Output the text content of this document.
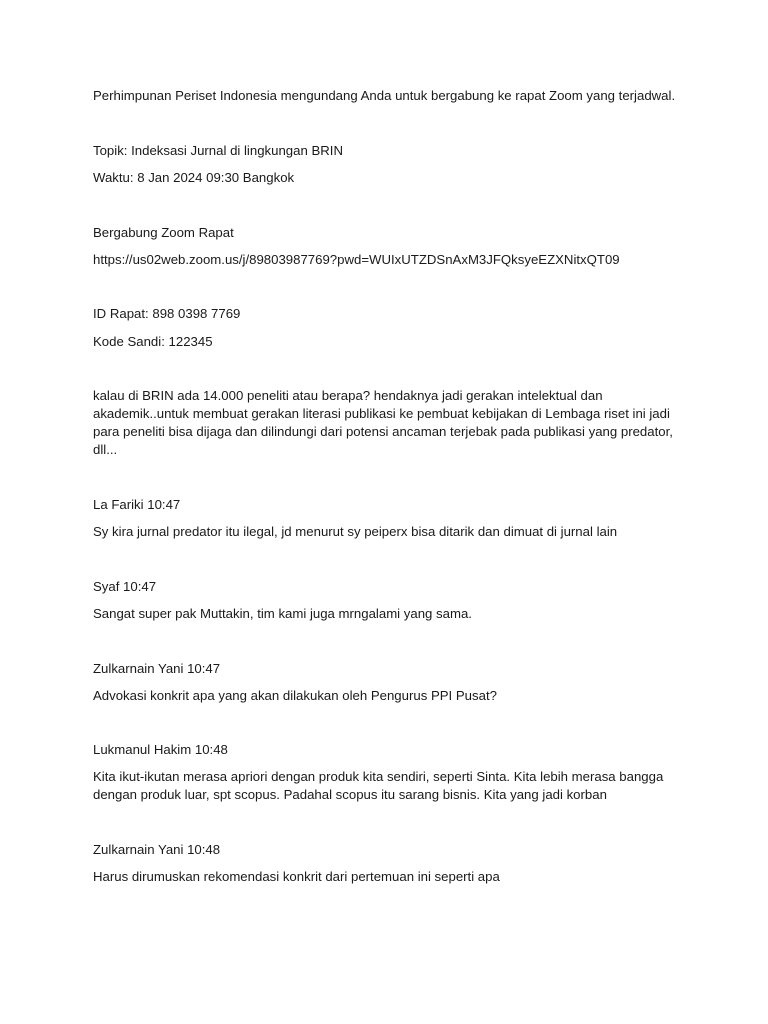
Perhimpunan Periset Indonesia mengundang Anda untuk bergabung ke rapat Zoom yang terjadwal.

Topik: Indeksasi Jurnal di lingkungan BRIN

Waktu: 8 Jan 2024 09:30 Bangkok

Bergabung Zoom Rapat

https://us02web.zoom.us/j/89803987769?pwd=WUIxUTZDSnAxM3JFQksyeEZXNitxQT09

ID Rapat: 898 0398 7769

Kode Sandi: 122345

kalau di BRIN ada 14.000 peneliti atau berapa? hendaknya jadi gerakan intelektual dan

akademik..untuk membuat gerakan literasi publikasi ke pembuat kebijakan di Lembaga riset ini jadi

para peneliti bisa dijaga dan dilindungi dari potensi ancaman terjebak pada publikasi yang predator,

dll...

La Fariki 10:47

Sy kira jurnal predator itu ilegal, jd menurut sy peiperx bisa ditarik dan dimuat di jurnal lain

Syaf 10:47

Sangat super pak Muttakin, tim kami juga mrngalami yang sama.

Zulkarnain Yani 10:47

Advokasi konkrit apa yang akan dilakukan oleh Pengurus PPI Pusat?

Lukmanul Hakim 10:48

Kita ikut-ikutan merasa apriori dengan produk kita sendiri, seperti Sinta. Kita lebih merasa bangga

dengan produk luar, spt scopus. Padahal scopus itu sarang bisnis. Kita yang jadi korban

Zulkarnain Yani 10:48

Harus dirumuskan rekomendasi konkrit dari pertemuan ini seperti apa
